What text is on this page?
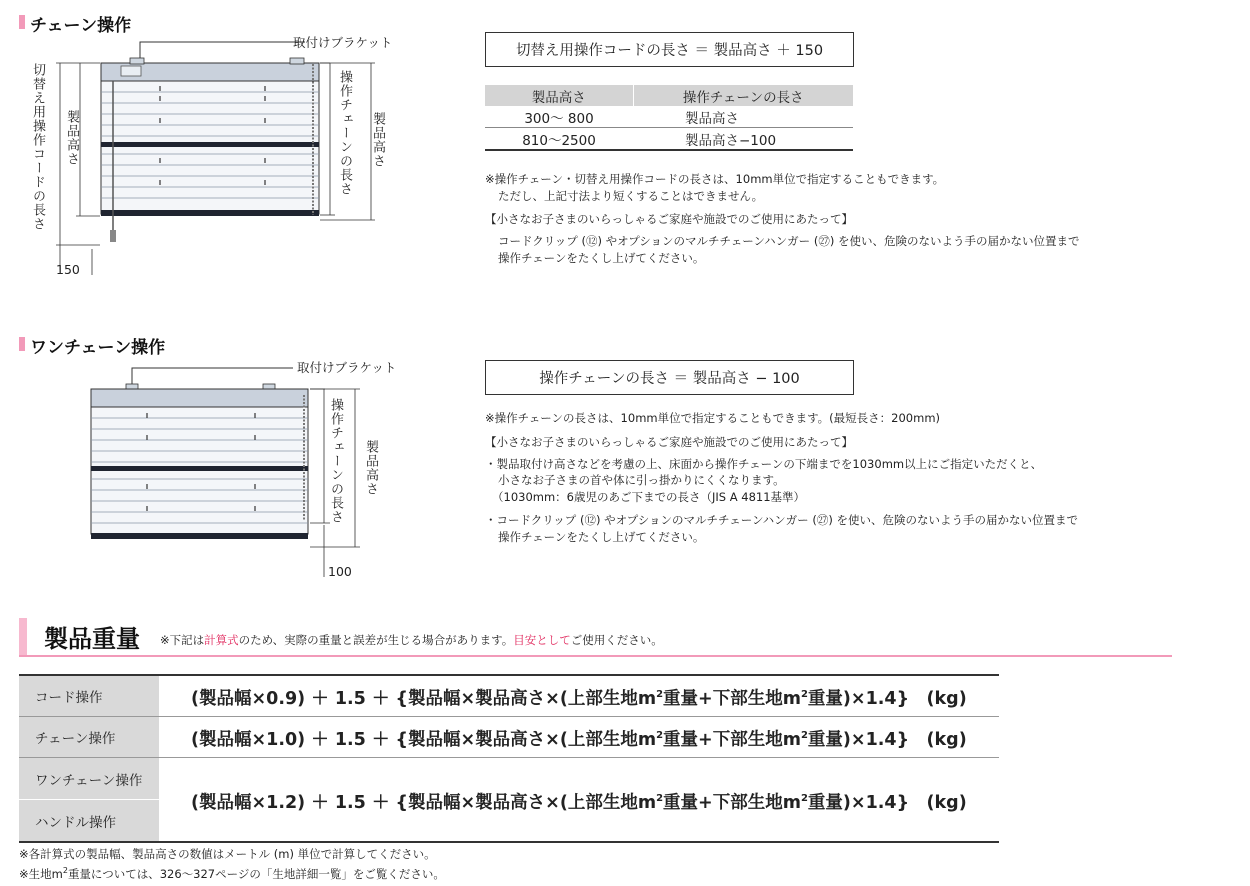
チェーン操作
取付けブラケット
切替え用操作コードの長さ 製品高さ	操作チェーンの長さ 製品高さ
150
切替え用操作コードの長さ ＝ 製品高さ ＋ 150
製品高さ	操作チェーンの長さ
300～ 800	製品高さ
810～2500	製品高さ−100
※操作チェーン・切替え用操作コードの長さは、10mm単位で指定することもできます。
ただし、上記寸法より短くすることはできません。
【小さなお子さまのいらっしゃるご家庭や施設でのご使用にあたって】
コードクリップ (⑫) やオプションのマルチチェーンハンガー (㉗) を使い、危険のないよう手の届かない位置まで
操作チェーンをたくし上げてください。
ワンチェーン操作
取付けブラケット
操作チェーンの長さ 製品高さ
100
操作チェーンの長さ ＝ 製品高さ − 100
※操作チェーンの長さは、10mm単位で指定することもできます。(最短長さ：200mm)
【小さなお子さまのいらっしゃるご家庭や施設でのご使用にあたって】
・製品取付け高さなどを考慮の上、床面から操作チェーンの下端までを1030mm以上にご指定いただくと、
小さなお子さまの首や体に引っ掛かりにくくなります。
（1030mm：6歳児のあご下までの長さ（JIS A 4811基準）
・コードクリップ (⑫) やオプションのマルチチェーンハンガー (㉗) を使い、危険のないよう手の届かない位置まで
操作チェーンをたくし上げてください。
製品重量 ※下記は計算式のため、実際の重量と誤差が生じる場合があります。目安としてご使用ください。
コード操作	(製品幅×0.9) ＋ 1.5 ＋ {製品幅×製品高さ×(上部生地$m^2$重量+下部生地$m^2$重量)×1.4}　(kg)
チェーン操作	(製品幅×1.0) ＋ 1.5 ＋ {製品幅×製品高さ×(上部生地$m^2$重量+下部生地$m^2$重量)×1.4}　(kg)
ワンチェーン操作
ハンドル操作
(製品幅×1.2) ＋ 1.5 ＋ {製品幅×製品高さ×(上部生地$m^2$重量+下部生地$m^2$重量)×1.4}　(kg)
※各計算式の製品幅、製品高さの数値はメートル (m) 単位で計算してください。
※生地$m^2$重量については、326～327ページの「生地詳細一覧」をご覧ください。
